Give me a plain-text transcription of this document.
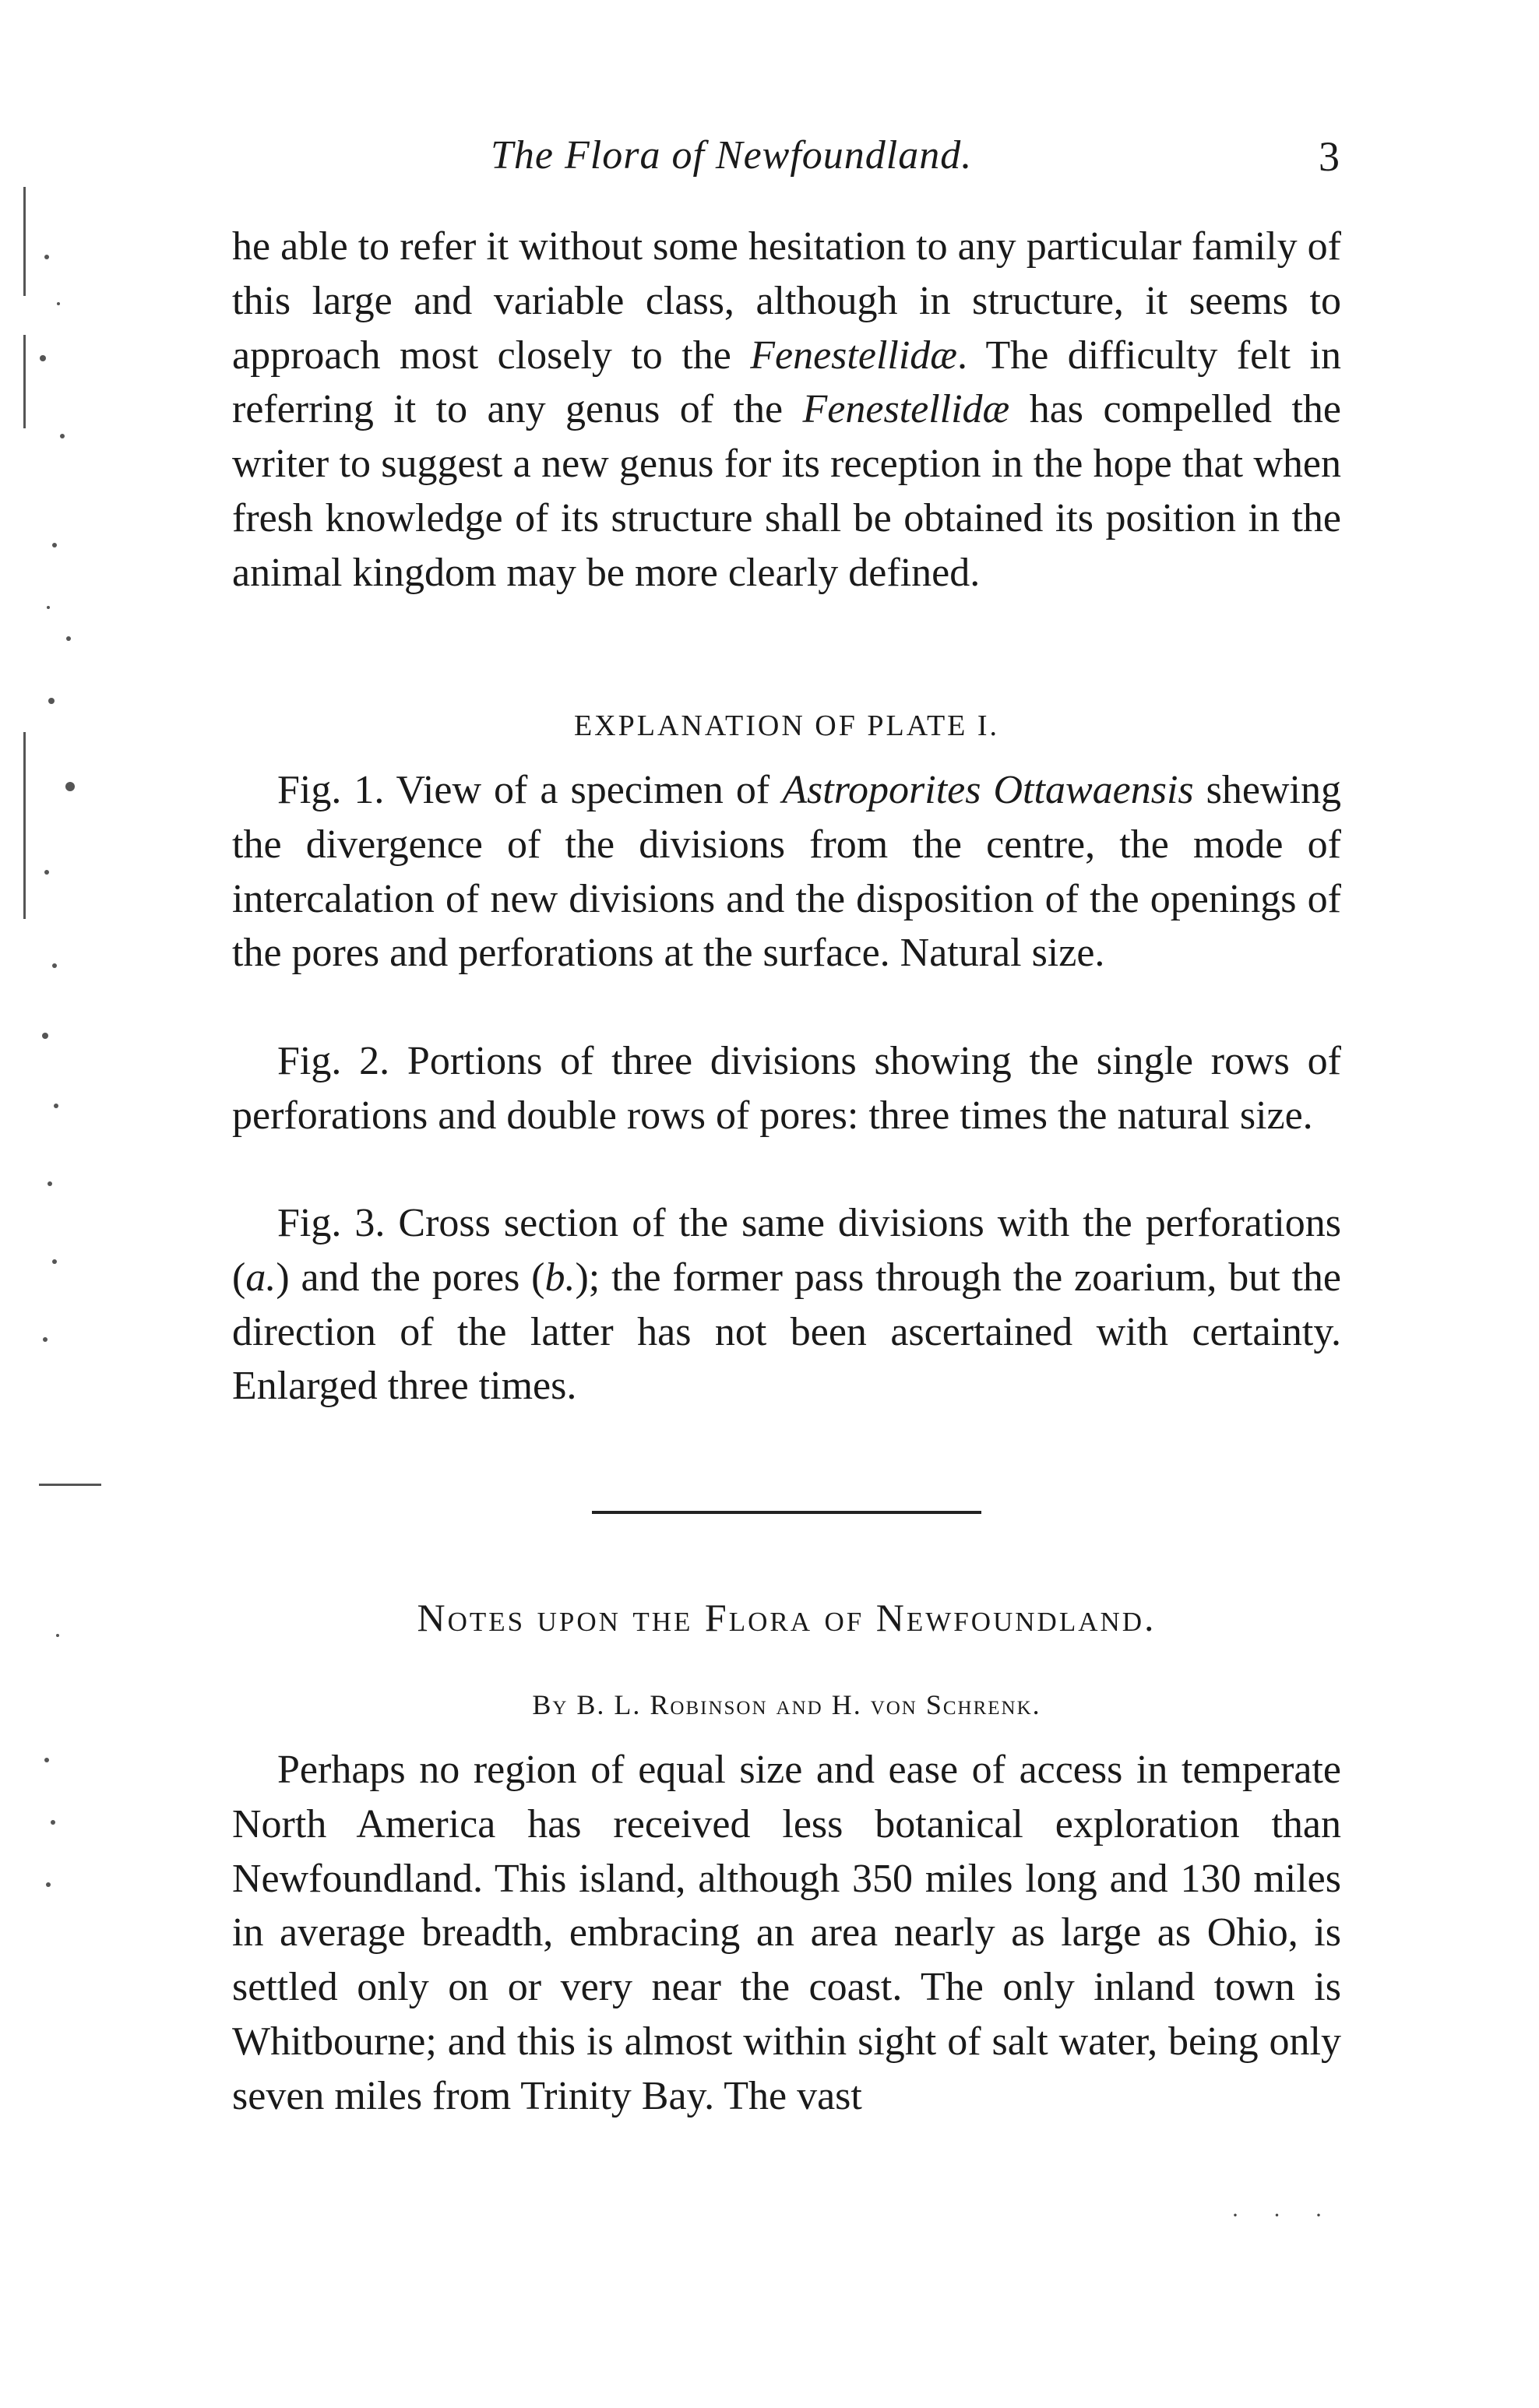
The Flora of Newfoundland.	3

he able to refer it without some hesitation to any particular family of this large and variable class, although in structure, it seems to approach most closely to the Fenestellidæ. The difficulty felt in referring it to any genus of the Fenestellidæ has compelled the writer to suggest a new genus for its reception in the hope that when fresh knowledge of its structure shall be obtained its position in the animal kingdom may be more clearly defined.

EXPLANATION OF PLATE I.

Fig. 1. View of a specimen of Astroporites Ottawaensis shewing the divergence of the divisions from the centre, the mode of intercalation of new divisions and the disposition of the openings of the pores and perforations at the surface. Natural size.

Fig. 2. Portions of three divisions showing the single rows of perforations and double rows of pores: three times the natural size.

Fig. 3. Cross section of the same divisions with the perforations (a.) and the pores (b.); the former pass through the zoarium, but the direction of the latter has not been ascertained with certainty. Enlarged three times.

Notes upon the Flora of Newfoundland.
By B. L. Robinson and H. von Schrenk.

Perhaps no region of equal size and ease of access in temperate North America has received less botanical exploration than Newfoundland. This island, although 350 miles long and 130 miles in average breadth, embracing an area nearly as large as Ohio, is settled only on or very near the coast. The only inland town is Whitbourne; and this is almost within sight of salt water, being only seven miles from Trinity Bay. The vast

· · ·
